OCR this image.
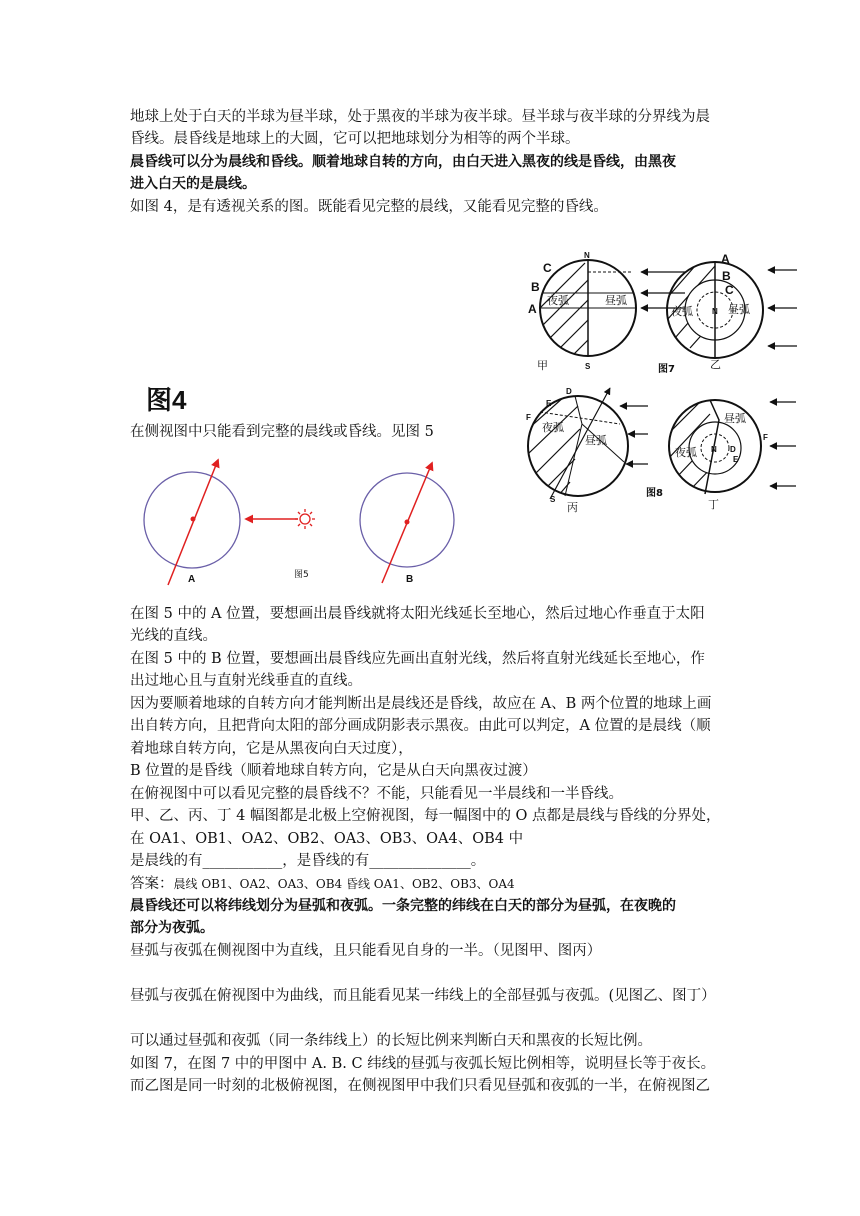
地球上处于白天的半球为昼半球，处于黑夜的半球为夜半球。昼半球与夜半球的分界线为晨
昏线。晨昏线是地球上的大圆，它可以把地球划分为相等的两个半球。
晨昏线可以分为晨线和昏线。顺着地球自转的方向，由白天进入黑夜的线是昏线，由黑夜
进入白天的是晨线。
如图 4，是有透视关系的图。既能看见完整的晨线，又能看见完整的昏线。
图4
在侧视图中只能看到完整的晨线或昏线。见图 5
A	B
图5
N
S
C
B
A
夜弧	昼弧
甲
N
A
B
C
夜弧	昼弧
乙
图7
D
E
F
S
夜弧
昼弧
丙
图8
N D
E
F
夜弧
昼弧
丁
在图 5 中的 A 位置，要想画出晨昏线就将太阳光线延长至地心，然后过地心作垂直于太阳
光线的直线。
在图 5 中的 B 位置，要想画出晨昏线应先画出直射光线，然后将直射光线延长至地心，作
出过地心且与直射光线垂直的直线。
因为要顺着地球的自转方向才能判断出是晨线还是昏线，故应在 A、B 两个位置的地球上画
出自转方向，且把背向太阳的部分画成阴影表示黑夜。由此可以判定，A 位置的是晨线（顺
着地球自转方向，它是从黑夜向白天过度），
B 位置的是昏线（顺着地球自转方向，它是从白天向黑夜过渡）
在俯视图中可以看见完整的晨昏线不？不能，只能看见一半晨线和一半昏线。
甲、乙、丙、丁 4 幅图都是北极上空俯视图，每一幅图中的 O 点都是晨线与昏线的分界处，
在 OA1、OB1、OA2、OB2、OA3、OB3、OA4、OB4 中
是晨线的有___________，是昏线的有______________。
答案：晨线 OB1、OA2、OA3、OB4 昏线 OA1、OB2、OB3、OA4
晨昏线还可以将纬线划分为昼弧和夜弧。一条完整的纬线在白天的部分为昼弧，在夜晚的
部分为夜弧。
昼弧与夜弧在侧视图中为直线，且只能看见自身的一半。（见图甲、图丙）
昼弧与夜弧在俯视图中为曲线，而且能看见某一纬线上的全部昼弧与夜弧。(见图乙、图丁）
可以通过昼弧和夜弧（同一条纬线上）的长短比例来判断白天和黑夜的长短比例。
如图 7，在图 7 中的甲图中 A. B. C 纬线的昼弧与夜弧长短比例相等，说明昼长等于夜长。
而乙图是同一时刻的北极俯视图，在侧视图甲中我们只看见昼弧和夜弧的一半，在俯视图乙
